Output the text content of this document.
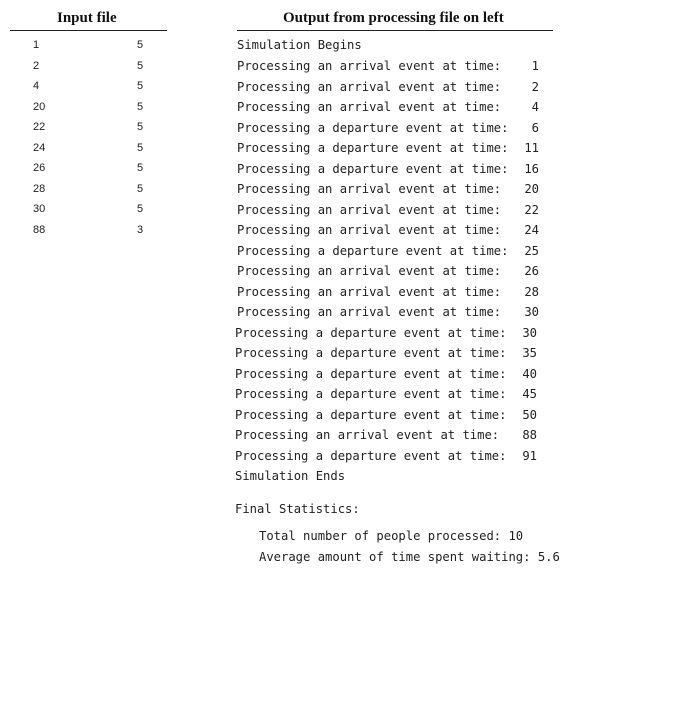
Input file	Output from processing file on left
1	5
2	5
4	5
20	5
22	5
24	5
26	5
28	5
30	5
88	3
Simulation Begins
Processing an arrival event at time:	1
Processing an arrival event at time:	2
Processing an arrival event at time:	4
Processing a departure event at time: 6
Processing a departure event at time: 11
Processing a departure event at time: 16
Processing an arrival event at time: 20
Processing an arrival event at time: 22
Processing an arrival event at time: 24
Processing a departure event at time: 25
Processing an arrival event at time: 26
Processing an arrival event at time: 28
Processing an arrival event at time: 30
Processing a departure event at time: 30
Processing a departure event at time: 35
Processing a departure event at time: 40
Processing a departure event at time: 45
Processing a departure event at time: 50
Processing an arrival event at time: 88
Processing a departure event at time: 91
Simulation Ends
Final Statistics:
Total number of people processed: 10
Average amount of time spent waiting: 5.6
